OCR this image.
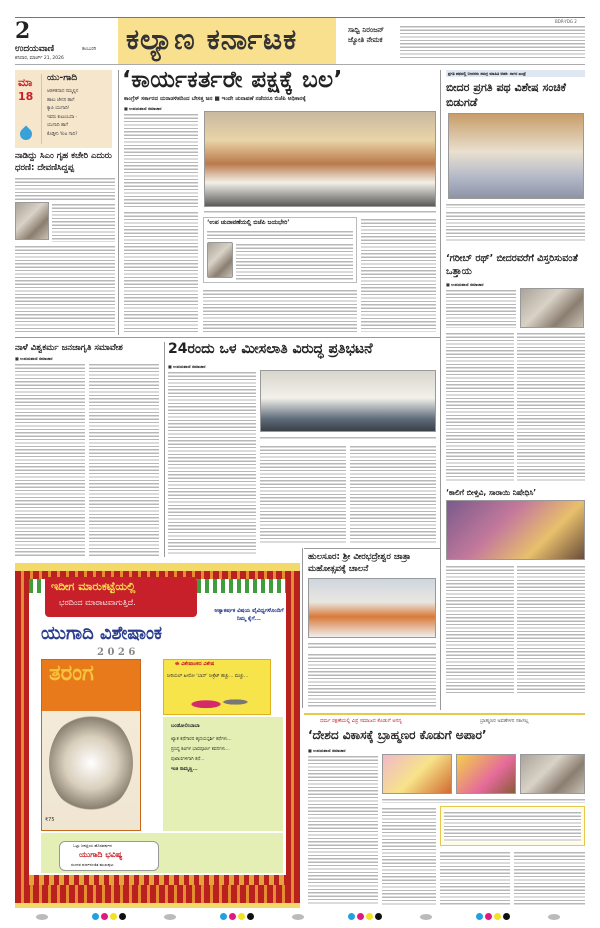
2
ಉದಯವಾಣಿ	ಕಲಬುರಗಿ
ಶನಿವಾರ, ಮಾರ್ಚ್ 21, 2026
ಕಲ್ಯಾಣ ಕರ್ನಾಟಕ	ಸಾಧ್ವಿ ನಿರಂಜನ್ ಜ್ಯೋತಿ ನೇಮಕ
BDR-YDG 2
ಮಾ 18
ಯು-ಗಾದಿ
ಆಡಳಿತದಾದ ನಮ್ಮಲ್ಲಿನ
ಹಾಲು ಜೇನನ ಹಾಗೆ
ಕ್ಯಾಪಿ ಯುಗಾದಿ!
ಇವರು ಕುಟುಂಬದಾ -
ಯುಗಾದಿ ಹಾಗೆ
ಕೊಡ್ತೀನಿ You ಗಾದಿ?
ನಾಡಿದ್ದು ಸಿಎಂ ಗೃಹ ಕಚೇರಿ ಎದುರು ಧರಣಿ: ದೇವಣಿಸಿದ್ದಪ್ಪ
‘ಕಾರ್ಯಕರ್ತರೇ ಪಕ್ಷಕ್ಕೆ ಬಲ’
ಕಾಂಗ್ರೆಸ್ ಸರ್ಕಾರದ ದುರಾಡಳಿತದಿಂದ ಬೇಸತ್ತ ಜನ ■ ಇಂದೇ ಚುನಾವಣೆ ನಡೆದರೂ ಬಿಜೆಪಿ ಅಧಿಕಾರಕ್ಕೆ
■ ಉದಯವಾಣಿ ಸಮಾಚಾರ
‘ಉಪ ಚುನಾವಣೆಯಲ್ಲಿ ಬಿಜೆಪಿ ಜಯಭೇರಿ’
ಪ್ರಗತಿ ಪಥದಲ್ಲಿ ಬೀದರನು ಸಮಗ್ರ ಮಾಹಿತಿ ಅಡಕ: ಸಾಗರ ಖಂಡ್ರೆ
ಬೀದರ ಪ್ರಗತಿ ಪಥ ವಿಶೇಷ ಸಂಚಿಕೆ ಬಿಡುಗಡೆ
‘ಗರೀಬ್ ರಥ್’ ಬೀದರವರೆಗೆ ವಿಸ್ತರಿಸುವಂತೆ ಒತ್ತಾಯ
■ ಉದಯವಾಣಿ ಸಮಾಚಾರ
‘ಕಾಲಿಗೆ ಬೀಳ್ತಿವಿ, ಸಾರಾಯಿ ನಿಷೇಧಿಸಿ’
ನಾಳೆ ವಿಶ್ವಕರ್ಮ ಜನಜಾಗೃತಿ ಸಮಾವೇಶ
■ ಉದಯವಾಣಿ ಸಮಾಚಾರ
24ರಂದು ಒಳ ಮೀಸಲಾತಿ ವಿರುದ್ಧ ಪ್ರತಿಭಟನೆ
■ ಉದಯವಾಣಿ ಸಮಾಚಾರ
ಹುಲಸೂರ: ಶ್ರೀ ವೀರಭದ್ರೇಶ್ವರ ಜಾತ್ರಾ ಮಹೋತ್ಸವಕ್ಕೆ ಚಾಲನೆ
ಇದೀಗ ಮಾರುಕಟ್ಟೆಯಲ್ಲಿ
ಭರದಿಂದ ಮಾರಾಟವಾಗುತ್ತಿದೆ.
ಅತ್ಯಾಕರ್ಷಕ ವಿಷಯ ವೈವಿಧ್ಯಗಳೊಂದಿಗೆ ನಿಮ್ಮ ಕೈಗೆ...
ಯುಗಾದಿ ವಿಶೇಷಾಂಕ
2 0 2 6
ತರಂಗ
₹75
ಈ ವಿಶೇಷಾಂಕದ ವಿಶೇಷ
ಸೀರಿಯಲ್ ಹೀರೋ ‘ಬಾಸ್’ ಸೀಕ್ರೆಟ್ ಹಚ್ಚು... ಮಚ್ಚು...
ಬಂಡೋಲೀಬಾಬಾ
ಖ್ಯಾತ ಕಥೆಗಾರರ ಹೃದಯಸ್ಪರ್ಶಿ ಕಥೆಗಳು...
ಪ್ರಸಿದ್ಧ ಕವಿಗಳ ಭಾವಪೂರ್ಣ ಕವನಗಳು...
ಪುಟಾಣಿಗಳಿಗಾಗಿ ಕಥೆ...
ಇಂತಿ ರಾಮ್ಮಣ್ಣ...
ಒಟ್ಟು ಜನಪ್ರಿಯ ಹೊಸವರ್ಷದ
ಯುಗಾದಿ ಭವಿಷ್ಯ
ಸುಂದರ ವರ್ಣರಂಜಿತ ಮುಖಪುಟ
ಧರ್ಮ ರಕ್ಷಣೆಯಲ್ಲಿ ವಿಪ್ರ ಸಮಾಜದ ಕೊಡುಗೆ ಅನನ್ಯ	ಬ್ರಾಹ್ಮಣರ ಅವಹೇಳನ ಸಹಿಸಲ್ಲ
‘ದೇಶದ ವಿಕಾಸಕ್ಕೆ ಬ್ರಾಹ್ಮಣರ ಕೊಡುಗೆ ಅಪಾರ’
■ ಉದಯವಾಣಿ ಸಮಾಚಾರ
